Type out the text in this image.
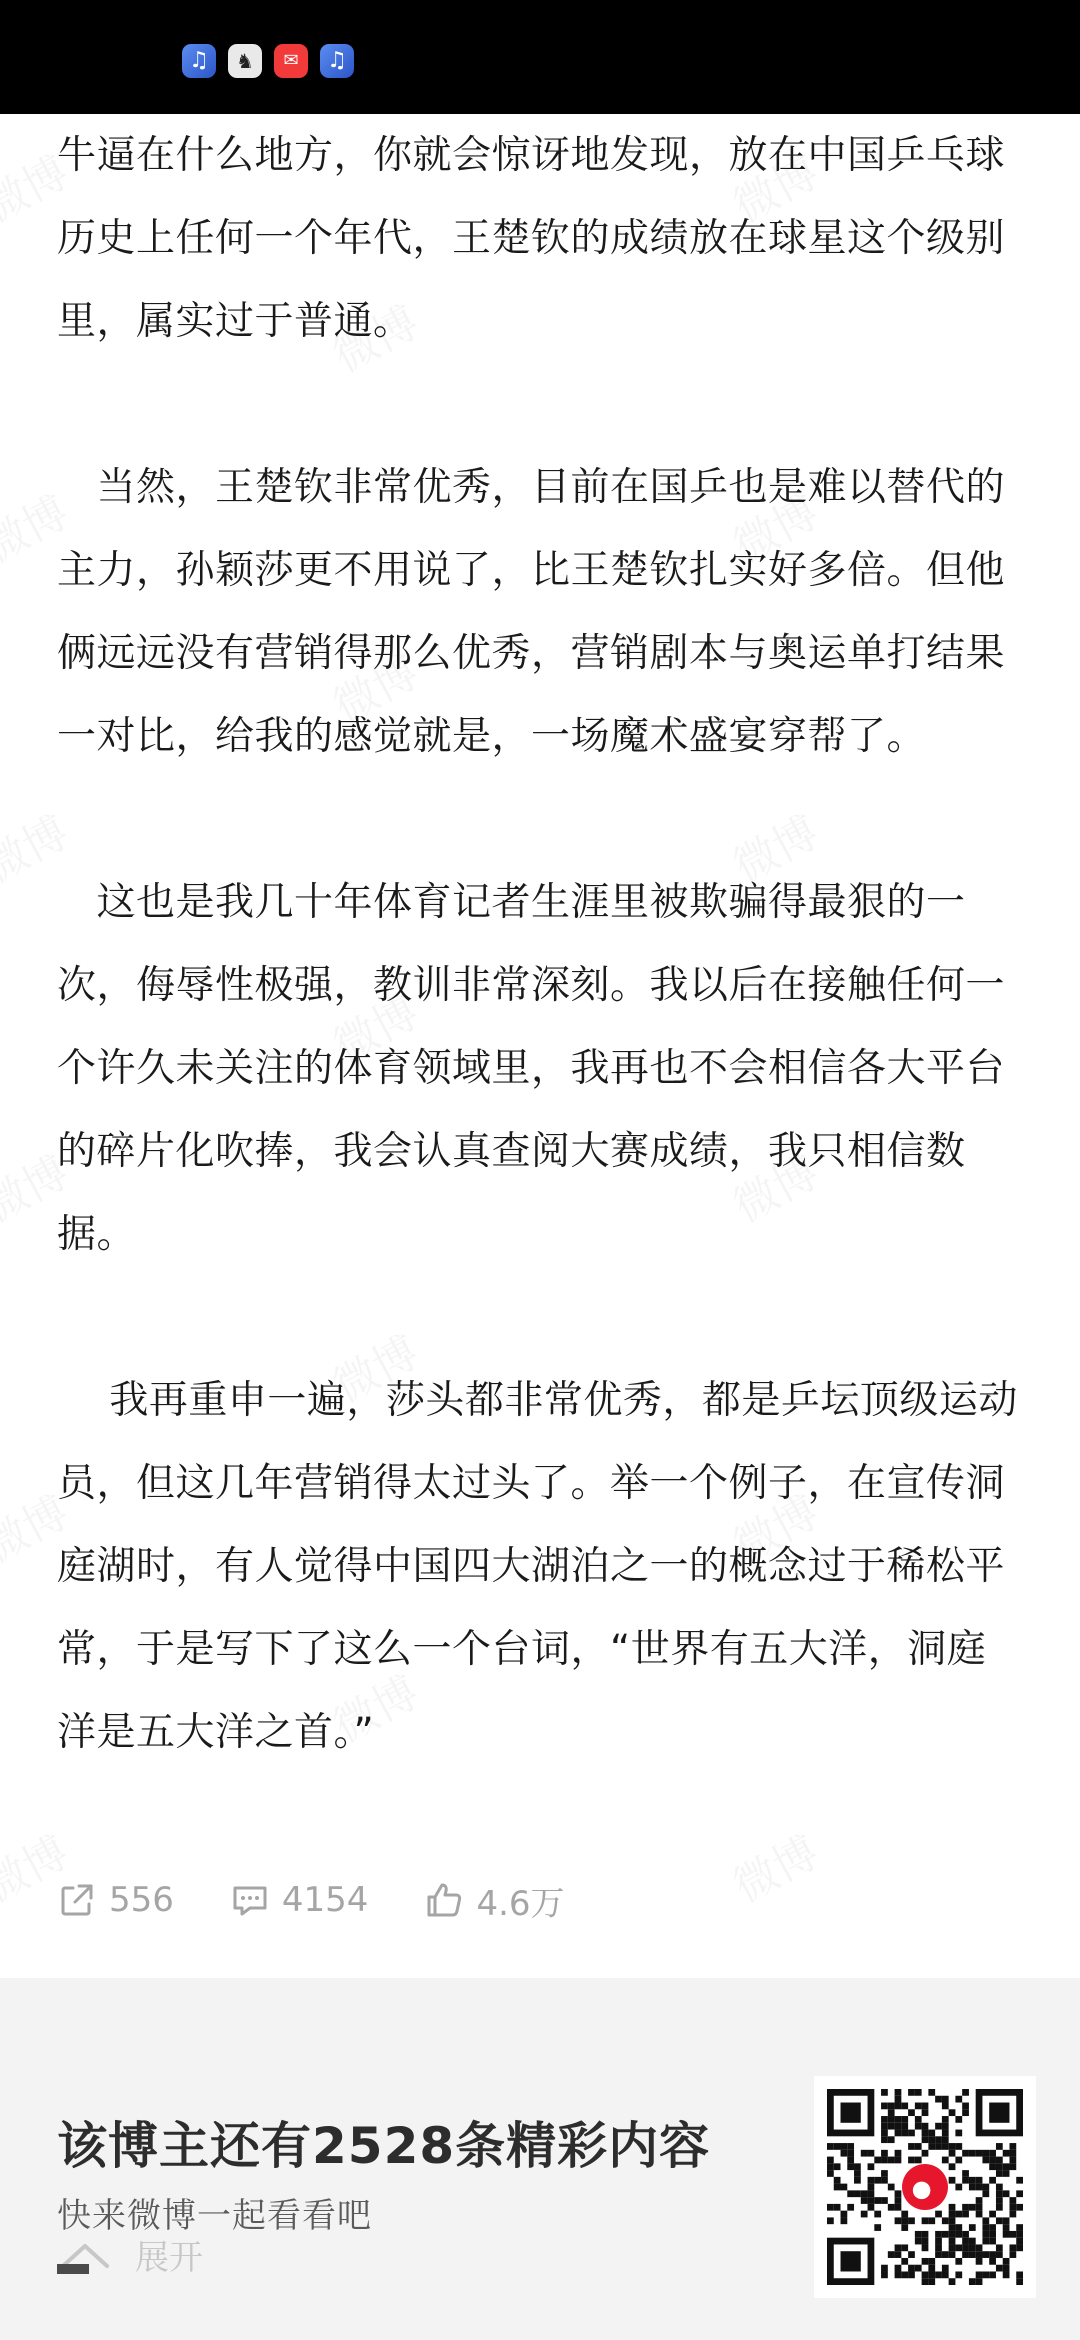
♫	♞	✉	♫

牛逼在什么地方，你就会惊讶地发现，放在中国乒乓球历史上任何一个年代，王楚钦的成绩放在球星这个级别里，属实过于普通。

　当然，王楚钦非常优秀，目前在国乒也是难以替代的主力，孙颖莎更不用说了，比王楚钦扎实好多倍。但他俩远远没有营销得那么优秀，营销剧本与奥运单打结果一对比，给我的感觉就是，一场魔术盛宴穿帮了。

　这也是我几十年体育记者生涯里被欺骗得最狠的一次，侮辱性极强，教训非常深刻。我以后在接触任何一个许久未关注的体育领域里，我再也不会相信各大平台的碎片化吹捧，我会认真查阅大赛成绩，我只相信数据。

　 我再重申一遍，莎头都非常优秀，都是乒坛顶级运动员，但这几年营销得太过头了。举一个例子，在宣传洞庭湖时，有人觉得中国四大湖泊之一的概念过于稀松平常，于是写下了这么一个台词，“世界有五大洋，洞庭洋是五大洋之首。”

556	4154	4.6万
该博主还有2528条精彩内容
快来微博一起看看吧
展开
